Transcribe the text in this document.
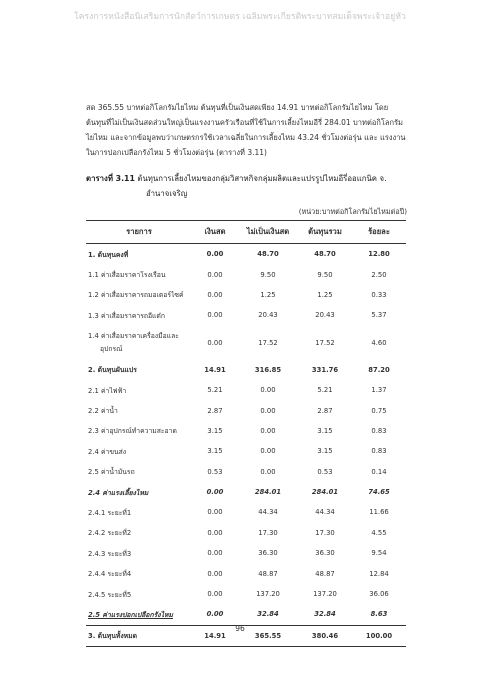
โครงการหนังสือนิเสริมการนักสัตว์การเกษตร เฉลิมพระเกียรติพระบาทสมเด็จพระเจ้าอยู่หัว

สด 365.55 บาทต่อกิโลกรัมไยไหม ต้นทุนที่เป็นเงินสดเพียง 14.91 บาทต่อกิโลกรัมไยไหม โดย

ต้นทุนที่ไม่เป็นเงินสดส่วนใหญ่เป็นแรงงานครัวเรือนที่ใช้ในการเลี้ยงไหมอีรี่ 284.01 บาทต่อกิโลกรัม

ไยไหม และจากข้อมูลพบว่าเกษตรกรใช้เวลาเฉลี่ยในการเลี้ยงไหม 43.24 ชั่วโมงต่อรุ่น และ แรงงาน

ในการปอกเปลือกรังไหม 5 ชั่วโมงต่อรุ่น (ตารางที่ 3.11)

ตารางที่ 3.11 ต้นทุนการเลี้ยงไหมของกลุ่มวิสาหกิจกลุ่มผลิตและแปรรูปไหมอีรี่ออแกนิค จ.
อำนาจเจริญ
(หน่วย:บาทต่อกิโลกรัมไยไหมต่อปี)
รายการ	เงินสด	ไม่เป็นเงินสด	ต้นทุนรวม	ร้อยละ
1. ต้นทุนคงที่	0.00	48.70	48.70	12.80
1.1 ค่าเสื่อมราคาโรงเรือน	0.00	9.50	9.50	2.50
1.2 ค่าเสื่อมราคารถมอเตอร์ไซค์	0.00	1.25	1.25	0.33
1.3 ค่าเสื่อมราคารถอีแต๋ก	0.00	20.43	20.43	5.37

1.4 ค่าเสื่อมราคาเครื่องมือและ
อุปกรณ์	0.00	17.52	17.52	4.60
2. ต้นทุนผันแปร	14.91	316.85	331.76	87.20
2.1 ค่าไฟฟ้า	5.21	0.00	5.21	1.37
2.2 ค่าน้ำ	2.87	0.00	2.87	0.75
2.3 ค่าอุปกรณ์ทำความสะอาด	3.15	0.00	3.15	0.83
2.4 ค่าขนส่ง	3.15	0.00	3.15	0.83
2.5 ค่าน้ำมันรถ	0.53	0.00	0.53	0.14
2.4 ค่าแรงเลี้ยงไหม	0.00	284.01	284.01	74.65
2.4.1 ระยะที่1	0.00	44.34	44.34	11.66
2.4.2 ระยะที่2	0.00	17.30	17.30	4.55
2.4.3 ระยะที่3	0.00	36.30	36.30	9.54
2.4.4 ระยะที่4	0.00	48.87	48.87	12.84
2.4.5 ระยะที่5	0.00	137.20	137.20	36.06
2.5 ค่าแรงปอกเปลือกรังไหม	0.00	32.84	32.84	8.63
3. ต้นทุนทั้งหมด	14.91	365.55	380.46	100.00
96
